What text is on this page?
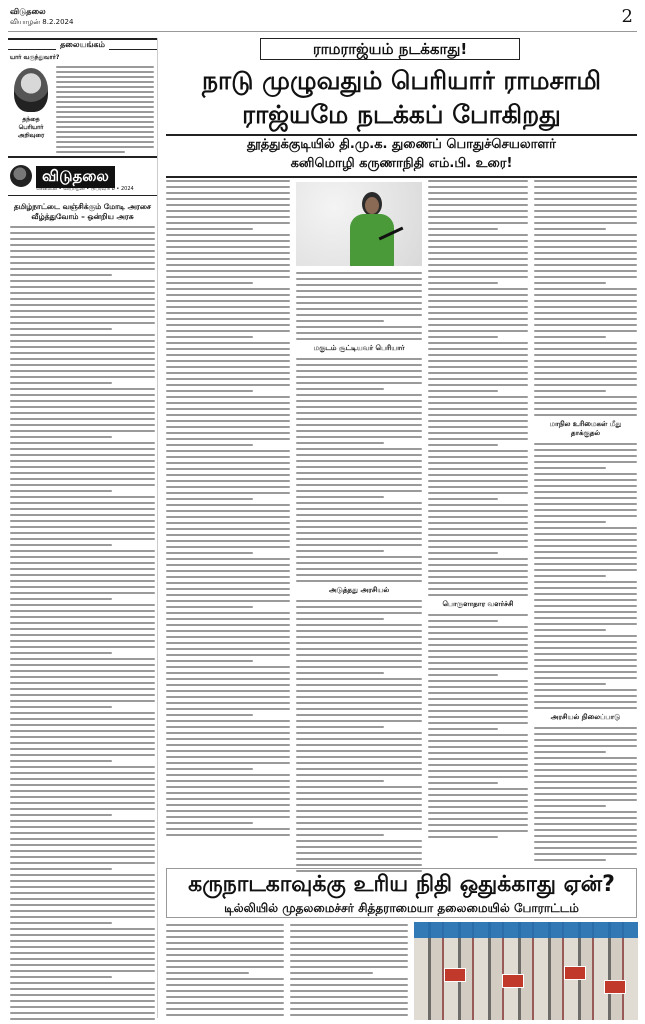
விடுதலை
வியாழன் 8.2.2024	2
தலையங்கம்
யார் வருந்துவார்?
தந்தை பெரியார் அறிவுரை
விடுதலை
சென்னை • வியாழன் • பிப்ரவரி 8 • 2024
தமிழ்நாட்டை வஞ்சிக்கும் மோடி அரசை வீழ்த்துவோம் – ஒன்றிய அரசு
ராமராஜ்யம் நடக்காது!
நாடு முழுவதும் பெரியார் ராமசாமி
ராஜ்யமே நடக்கப் போகிறது
தூத்துக்குடியில் தி.மு.க. துணைப் பொதுச்செயலாளர்
கனிமொழி கருணாநிதி எம்.பி. உரை!
மகுடம் சூட்டியவர் பெரியார்
அடுத்தது அரசியல்
பொருளாதார வளர்ச்சி
மாநில உரிமைகள் மீது தாக்குதல்
அரசியல் நிலைப்பாடு
கருநாடகாவுக்கு உரிய நிதி ஒதுக்காது ஏன்?
டில்லியில் முதலமைச்சர் சித்தராமையா தலைமையில் போராட்டம்
